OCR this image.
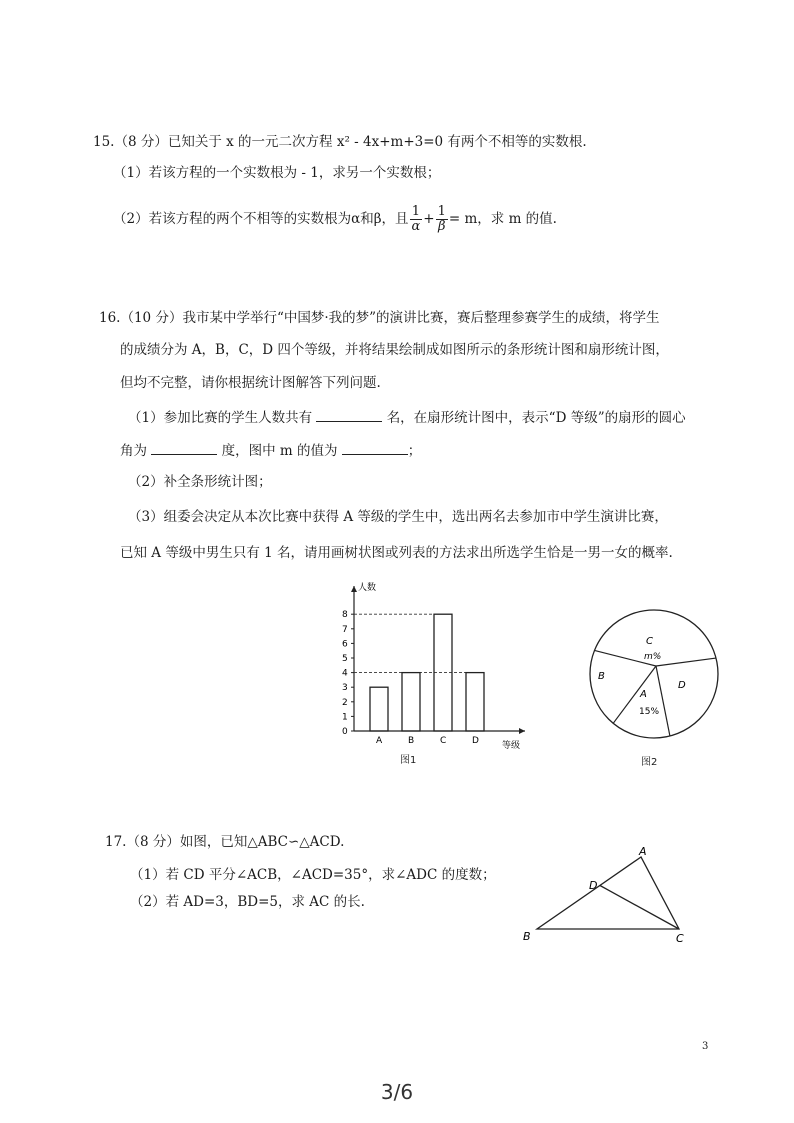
15.（8 分）已知关于 x 的一元二次方程 x² - 4x+m+3=0 有两个不相等的实数根.
（1）若该方程的一个实数根为 - 1，求另一个实数根；
（2）若该方程的两个不相等的实数根为α和β，且 $\frac{1}{\alpha} + \frac{1}{\beta} = m$，求 m 的值.
16.（10 分）我市某中学举行“中国梦·我的梦”的演讲比赛，赛后整理参赛学生的成绩，将学生
的成绩分为 A，B，C，D 四个等级，并将结果绘制成如图所示的条形统计图和扇形统计图，
但均不完整，请你根据统计图解答下列问题.
（1）参加比赛的学生人数共有	名，在扇形统计图中，表示“D 等级”的扇形的圆心
角为	度，图中 m 的值为	；
（2）补全条形统计图；
（3）组委会决定从本次比赛中获得 A 等级的学生中，选出两名去参加市中学生演讲比赛，
已知 A 等级中男生只有 1 名，请用画树状图或列表的方法求出所选学生恰是一男一女的概率.
人数
等级
0
1
2
3
4
5
6
7
8
A	B	C	D
图1
C
m%
B
A
15%
D
图2
17.（8 分）如图，已知△ABC∽△ACD.
（1）若 CD 平分∠ACB，∠ACD=35°，求∠ADC 的度数；
（2）若 AD=3，BD=5，求 AC 的长.
A
D
B	C
3
3/6
